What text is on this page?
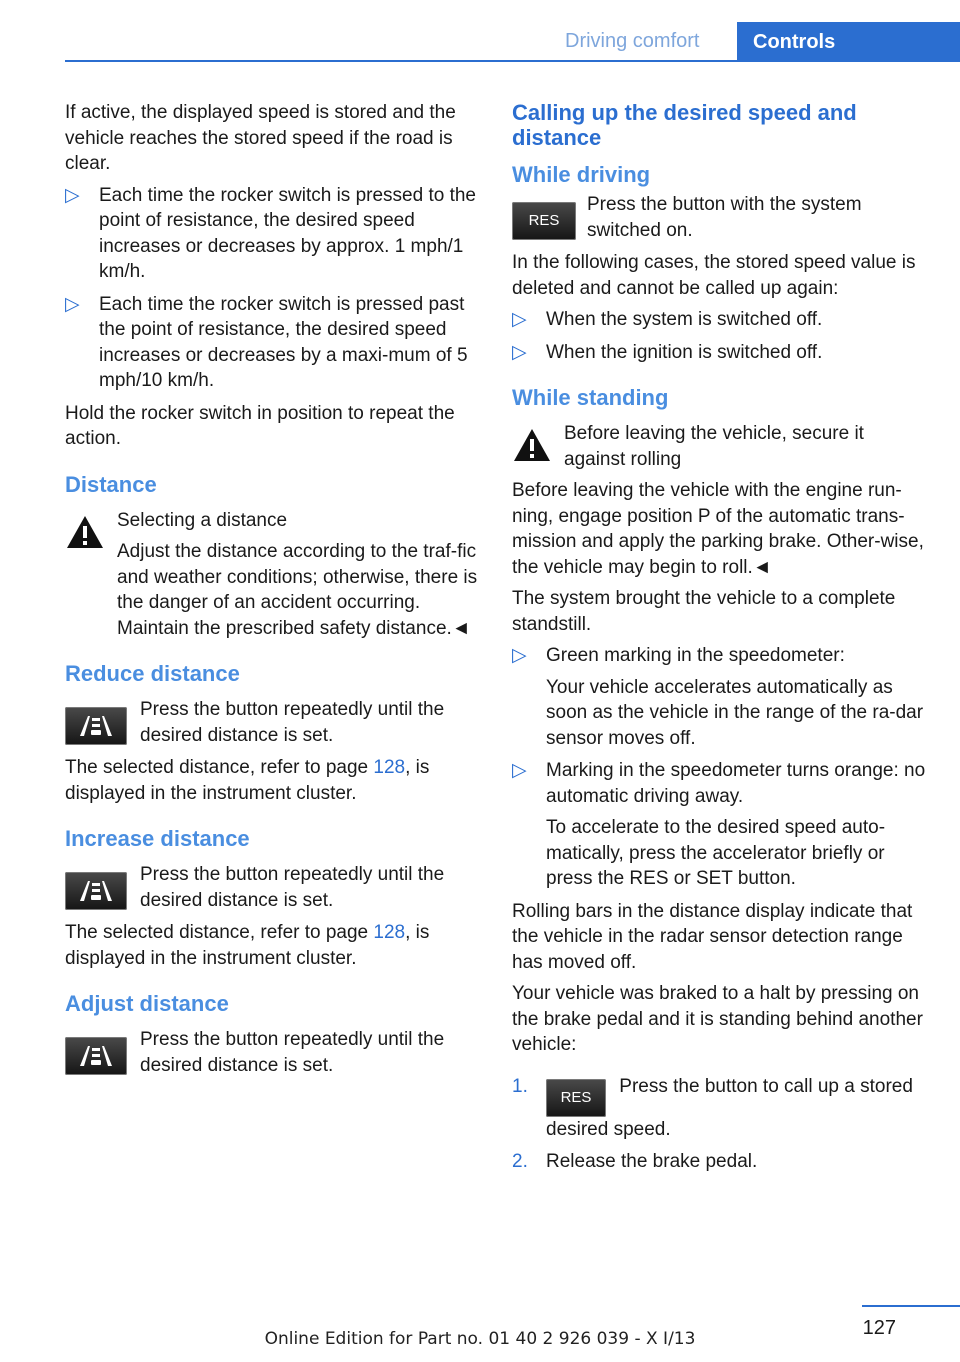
Driving comfort	Controls

If active, the displayed speed is stored and the vehicle reaches the stored speed if the road is clear.

▷ Each time the rocker switch is pressed to the point of resistance, the desired speed increases or decreases by approx. 1 mph/1 km/h.
▷ Each time the rocker switch is pressed past the point of resistance, the desired speed increases or decreases by a maxi-mum of 5 mph/10 km/h.

Hold the rocker switch in position to repeat the action.

Distance

Selecting a distance

Adjust the distance according to the traf-fic and weather conditions; otherwise, there is the danger of an accident occurring. Maintain the prescribed safety distance.◄

Reduce distance

Press the button repeatedly until the desired distance is set.

The selected distance, refer to page 128, is displayed in the instrument cluster.

Increase distance

Press the button repeatedly until the desired distance is set.

The selected distance, refer to page 128, is displayed in the instrument cluster.

Adjust distance

Press the button repeatedly until the desired distance is set.

Calling up the desired speed and distance
While driving
RES

Press the button with the system switched on.

In the following cases, the stored speed value is deleted and cannot be called up again:

▷ When the system is switched off.
▷ When the ignition is switched off.
While standing

Before leaving the vehicle, secure it against rolling

Before leaving the vehicle with the engine run-ning, engage position P of the automatic trans-mission and apply the parking brake. Other-wise, the vehicle may begin to roll.◄

The system brought the vehicle to a complete standstill.

▷ Green marking in the speedometer:
Your vehicle accelerates automatically as soon as the vehicle in the range of the ra-dar sensor moves off.
▷ Marking in the speedometer turns orange: no automatic driving away.
To accelerate to the desired speed auto-matically, press the accelerator briefly or press the RES or SET button.

Rolling bars in the distance display indicate that the vehicle in the radar sensor detection range has moved off.

Your vehicle was braked to a halt by pressing on the brake pedal and it is standing behind another vehicle:

1.
RES Press the button to call up a stored desired speed.
2. Release the brake pedal.
127
Online Edition for Part no. 01 40 2 926 039 - X I/13
